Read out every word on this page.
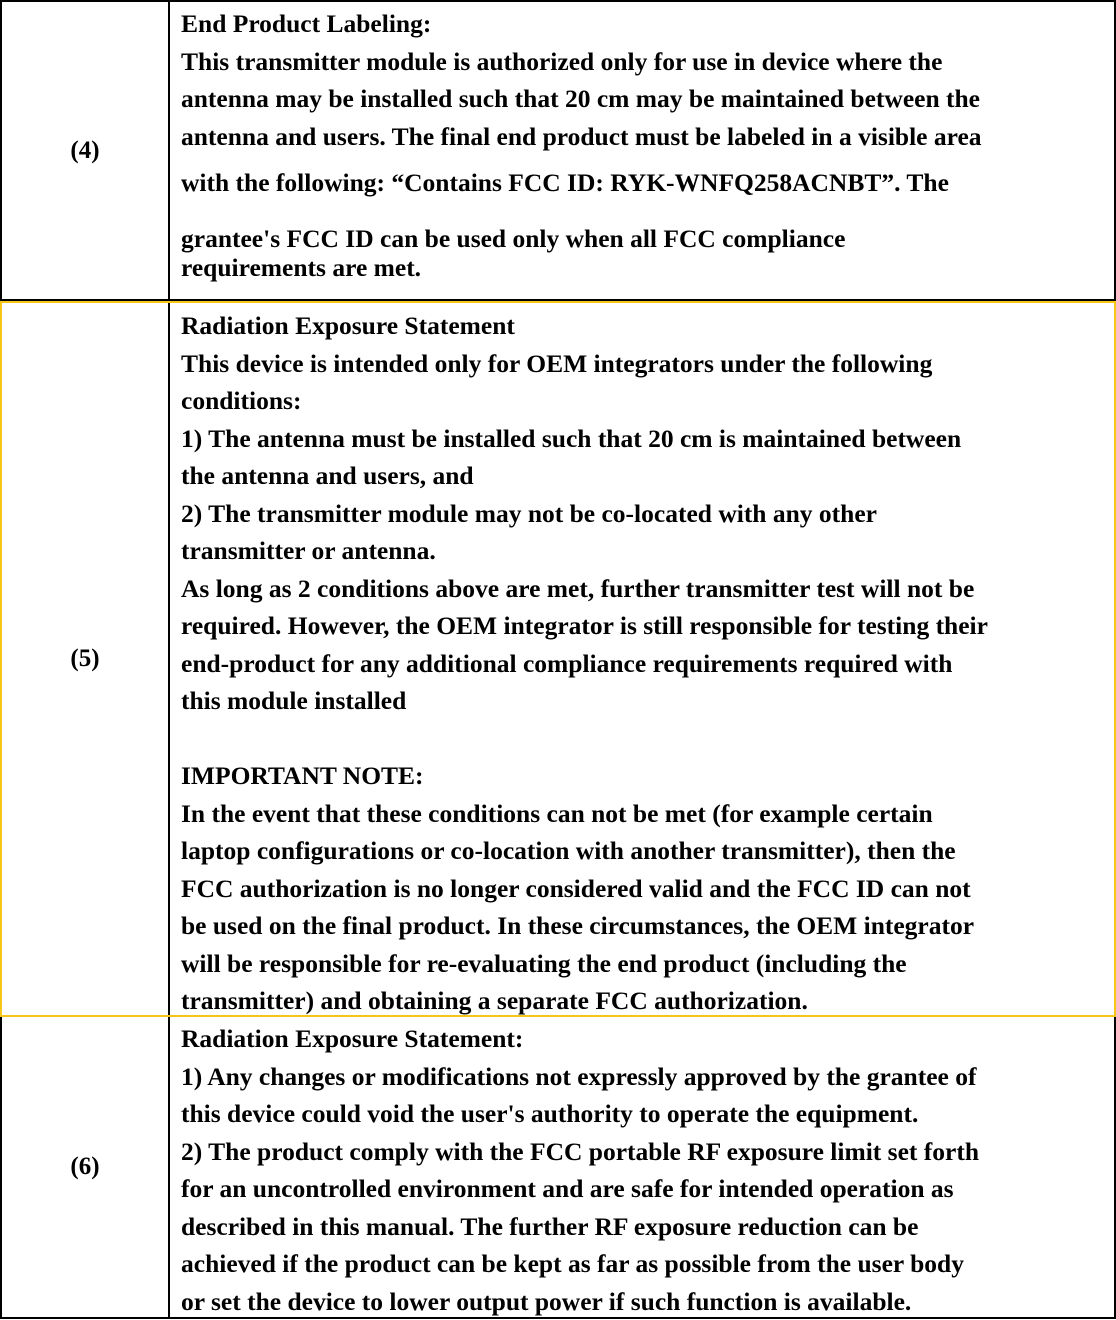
(4)
End Product Labeling:
This transmitter module is authorized only for use in device where the
antenna may be installed such that 20 cm may be maintained between the
antenna and users. The final end product must be labeled in a visible area
with the following: “Contains FCC ID: RYK-WNFQ258ACNBT”. The
grantee's FCC ID can be used only when all FCC compliance
requirements are met.
(5)
Radiation Exposure Statement
This device is intended only for OEM integrators under the following
conditions:
1) The antenna must be installed such that 20 cm is maintained between
the antenna and users, and
2) The transmitter module may not be co-located with any other
transmitter or antenna.
As long as 2 conditions above are met, further transmitter test will not be
required. However, the OEM integrator is still responsible for testing their
end-product for any additional compliance requirements required with
this module installed
IMPORTANT NOTE:
In the event that these conditions can not be met (for example certain
laptop configurations or co-location with another transmitter), then the
FCC authorization is no longer considered valid and the FCC ID can not
be used on the final product. In these circumstances, the OEM integrator
will be responsible for re-evaluating the end product (including the
transmitter) and obtaining a separate FCC authorization.
(6)
Radiation Exposure Statement:
1) Any changes or modifications not expressly approved by the grantee of
this device could void the user's authority to operate the equipment.
2) The product comply with the FCC portable RF exposure limit set forth
for an uncontrolled environment and are safe for intended operation as
described in this manual. The further RF exposure reduction can be
achieved if the product can be kept as far as possible from the user body
or set the device to lower output power if such function is available.
